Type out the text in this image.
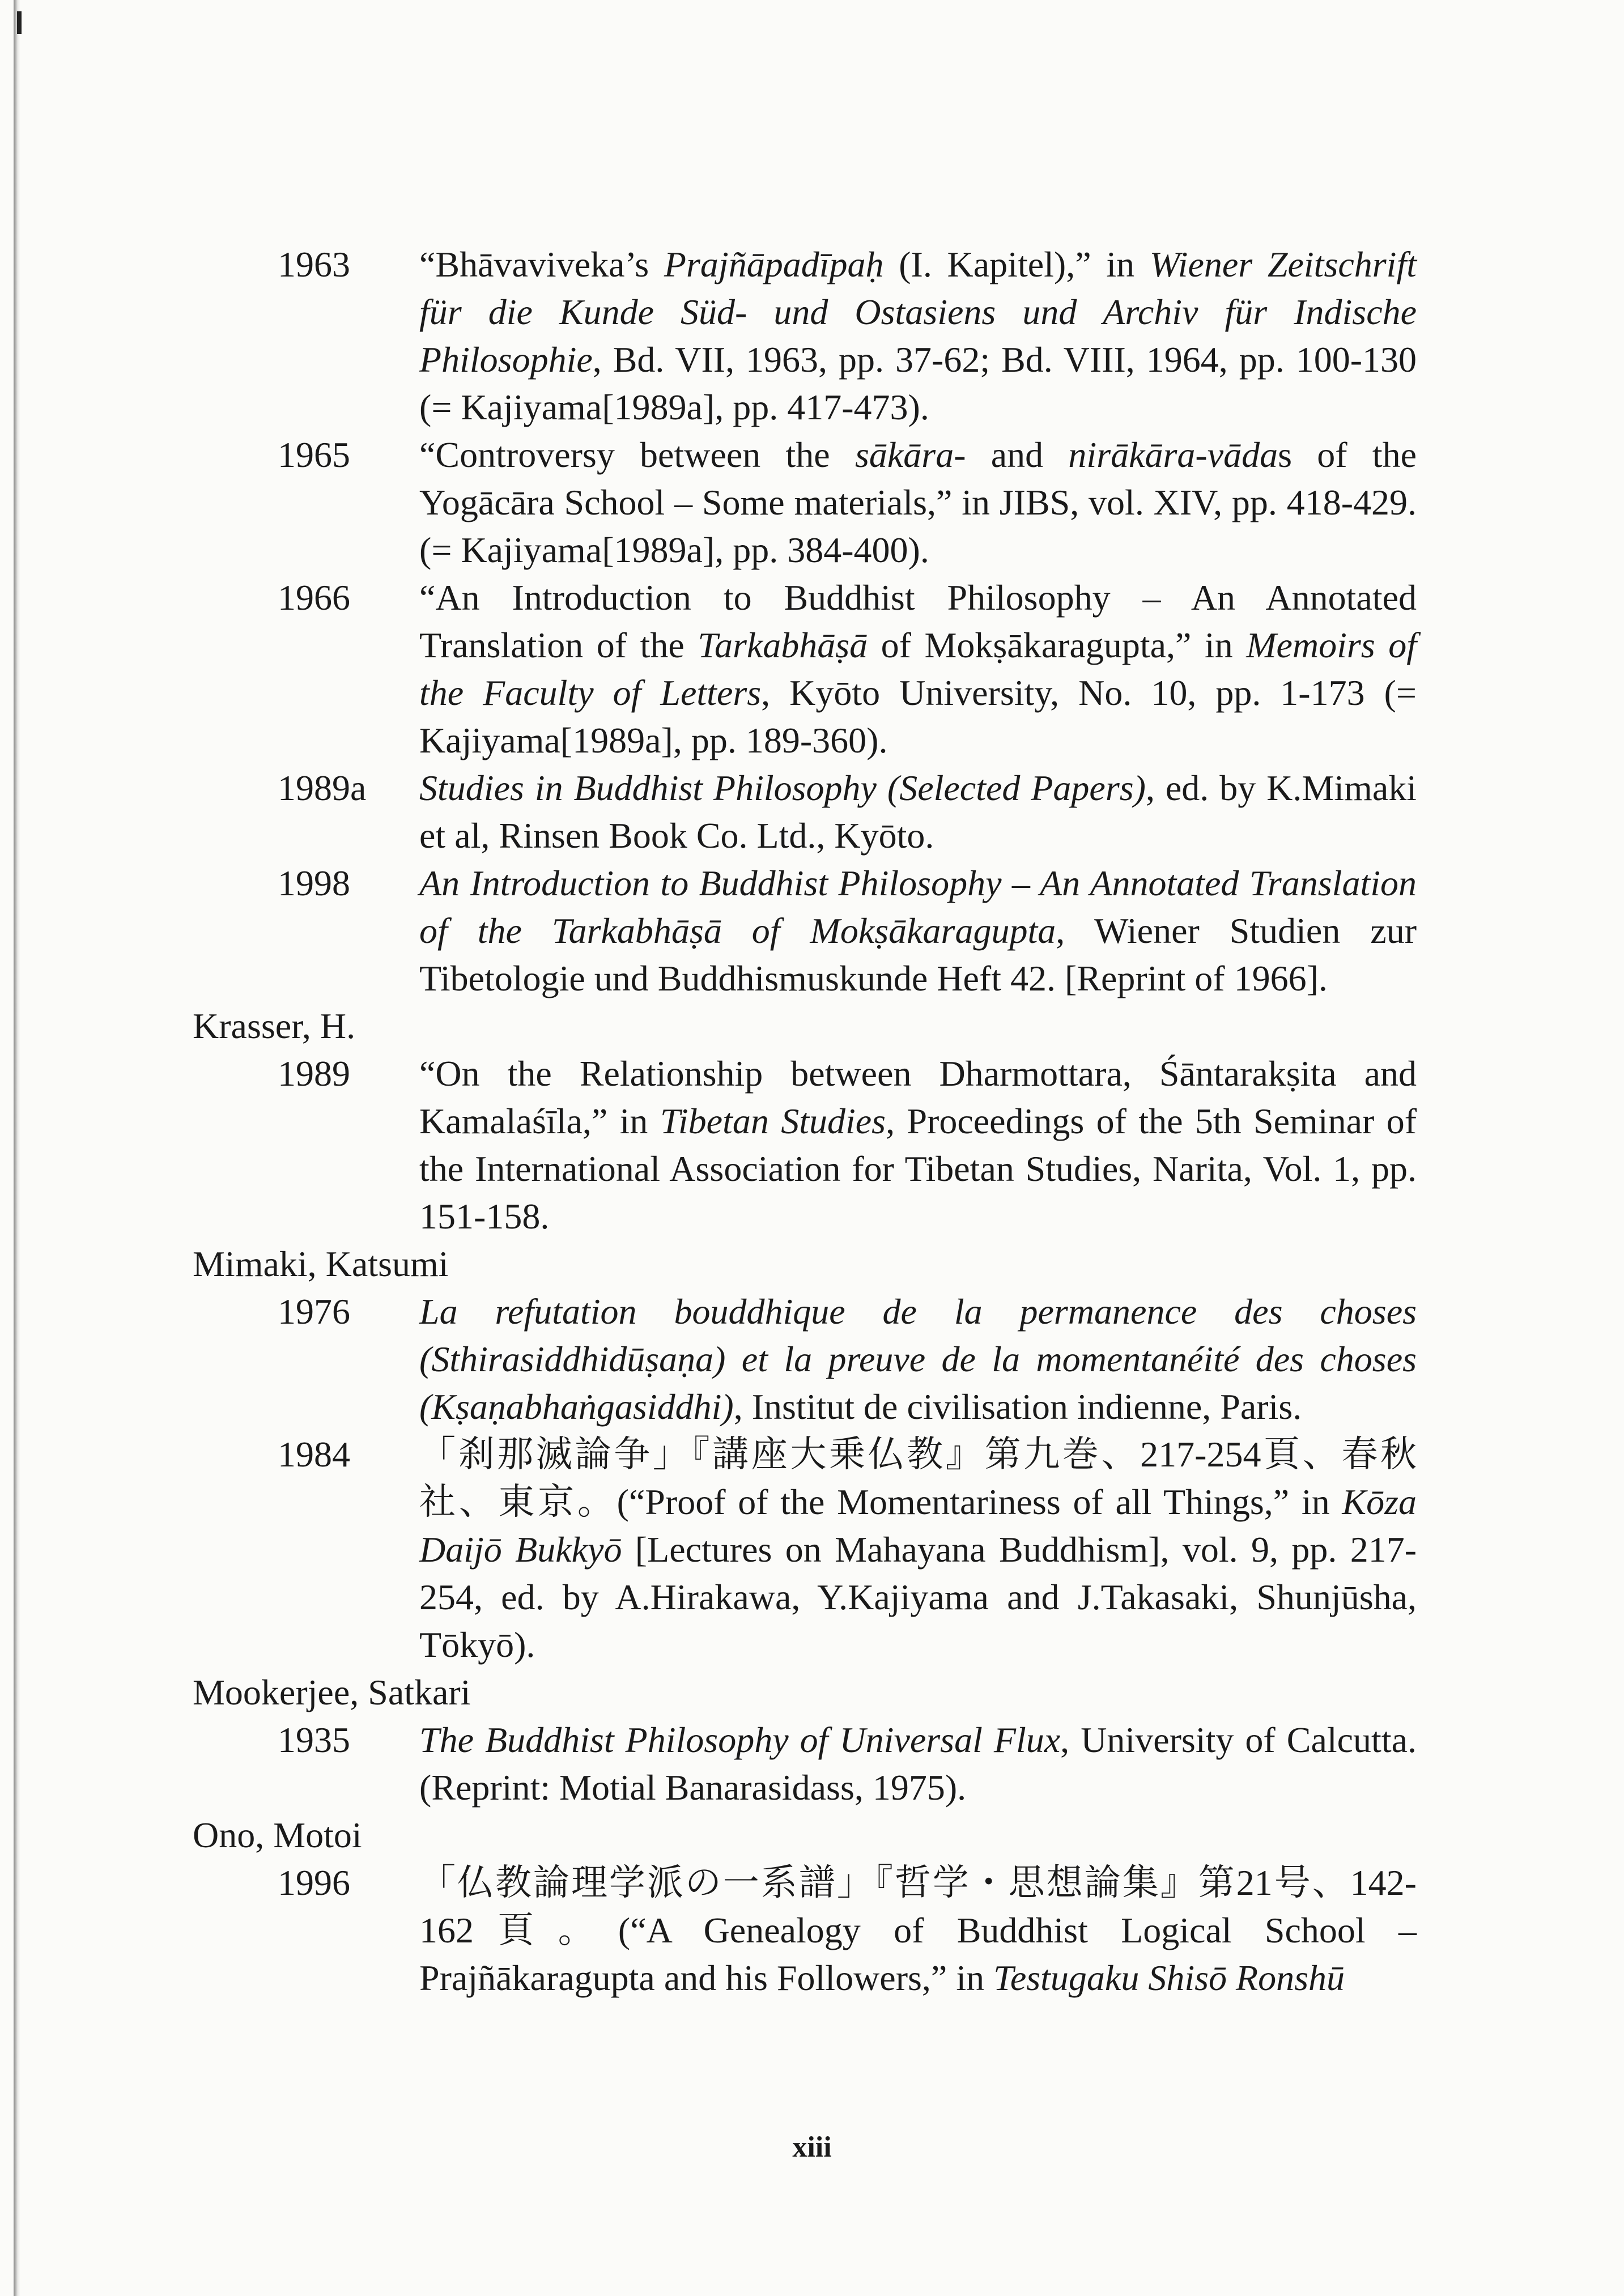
1963	“Bhāvaviveka’s Prajñāpadīpaḥ (I. Kapitel),” in Wiener Zeitschrift für die Kunde Süd- und Ostasiens und Archiv für Indische Philosophie, Bd. VII, 1963, pp. 37-62; Bd. VIII, 1964, pp. 100-130 (= Kajiyama[1989a], pp. 417-473).
1965	“Controversy between the sākāra- and nirākāra-vādas of the Yogācāra School – Some materials,” in JIBS, vol. XIV, pp. 418-429. (= Kajiyama[1989a], pp. 384-400).
1966	“An Introduction to Buddhist Philosophy – An Annotated Translation of the Tarkabhāṣā of Mokṣākaragupta,” in Memoirs of the Faculty of Letters, Kyōto University, No. 10, pp. 1-173 (= Kajiyama[1989a], pp. 189-360).
1989a	Studies in Buddhist Philosophy (Selected Papers), ed. by K.Mimaki et al, Rinsen Book Co. Ltd., Kyōto.
1998	An Introduction to Buddhist Philosophy – An Annotated Translation of the Tarkabhāṣā of Mokṣākaragupta, Wiener Studien zur Tibetologie und Buddhismuskunde Heft 42. [Reprint of 1966].
Krasser, H.
1989	“On the Relationship between Dharmottara, Śāntarakṣita and Kamalaśīla,” in Tibetan Studies, Proceedings of the 5th Seminar of the International Association for Tibetan Studies, Narita, Vol. 1, pp. 151-158.
Mimaki, Katsumi
1976	La refutation bouddhique de la permanence des choses (Sthirasiddhidūṣaṇa) et la preuve de la momentanéité des choses (Kṣaṇabhaṅgasiddhi), Institut de civilisation indienne, Paris.
1984	「刹那滅論争」『講座大乗仏教』第九巻、217-254頁、春秋社、東京。(“Proof of the Momentariness of all Things,” in Kōza Daijō Bukkyō [Lectures on Mahayana Buddhism], vol. 9, pp. 217-254, ed. by A.Hirakawa, Y.Kajiyama and J.Takasaki, Shunjūsha, Tōkyō).
Mookerjee, Satkari
1935	The Buddhist Philosophy of Universal Flux, University of Calcutta. (Reprint: Motial Banarasidass, 1975).
Ono, Motoi
1996	「仏教論理学派の一系譜」『哲学・思想論集』第21号、142-162頁。(“A Genealogy of Buddhist Logical School – Prajñākaragupta and his Followers,” in Testugaku Shisō Ronshū
xiii
